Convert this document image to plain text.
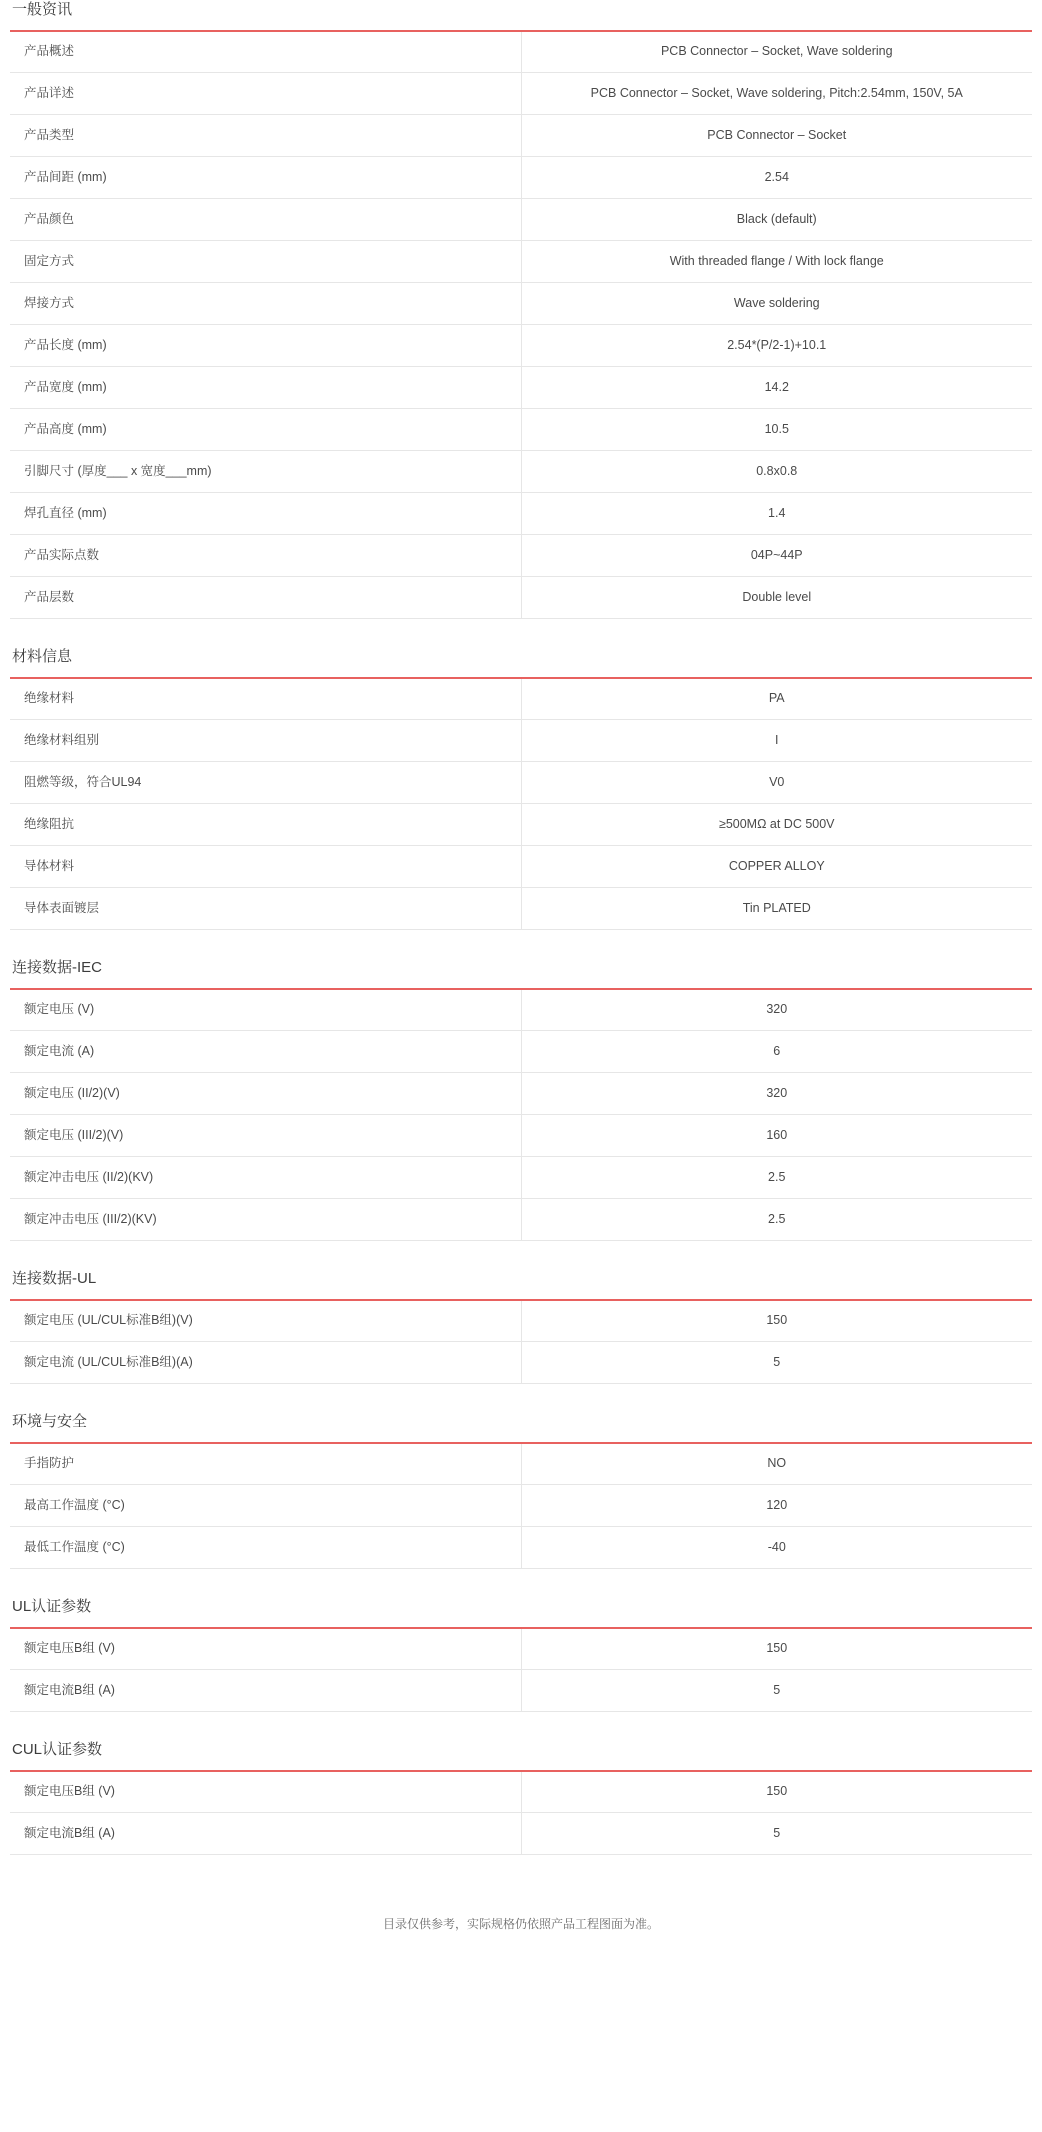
一般资讯
产品概述	PCB Connector – Socket, Wave soldering
产品详述	PCB Connector – Socket, Wave soldering, Pitch:2.54mm, 150V, 5A
产品类型	PCB Connector – Socket
产品间距 (mm)	2.54
产品颜色	Black (default)
固定方式	With threaded flange / With lock flange
焊接方式	Wave soldering
产品长度 (mm)	2.54*(P/2-1)+10.1
产品宽度 (mm)	14.2
产品高度 (mm)	10.5
引脚尺寸 (厚度___ x 宽度___mm)	0.8x0.8
焊孔直径 (mm)	1.4
产品实际点数	04P~44P
产品层数	Double level
材料信息
绝缘材料	PA
绝缘材料组别	I
阻燃等级，符合UL94	V0
绝缘阻抗	≥500MΩ at DC 500V
导体材料	COPPER ALLOY
导体表面镀层	Tin PLATED
连接数据-IEC
额定电压 (V)	320
额定电流 (A)	6
额定电压 (II/2)(V)	320
额定电压 (III/2)(V)	160
额定冲击电压 (II/2)(KV)	2.5
额定冲击电压 (III/2)(KV)	2.5
连接数据-UL
额定电压 (UL/CUL标准B组)(V)	150
额定电流 (UL/CUL标准B组)(A)	5
环境与安全
手指防护	NO
最高工作温度 (°C)	120
最低工作温度 (°C)	-40
UL认证参数
额定电压B组 (V)	150
额定电流B组 (A)	5
CUL认证参数
额定电压B组 (V)	150
额定电流B组 (A)	5
目录仅供参考，实际规格仍依照产品工程图面为准。
